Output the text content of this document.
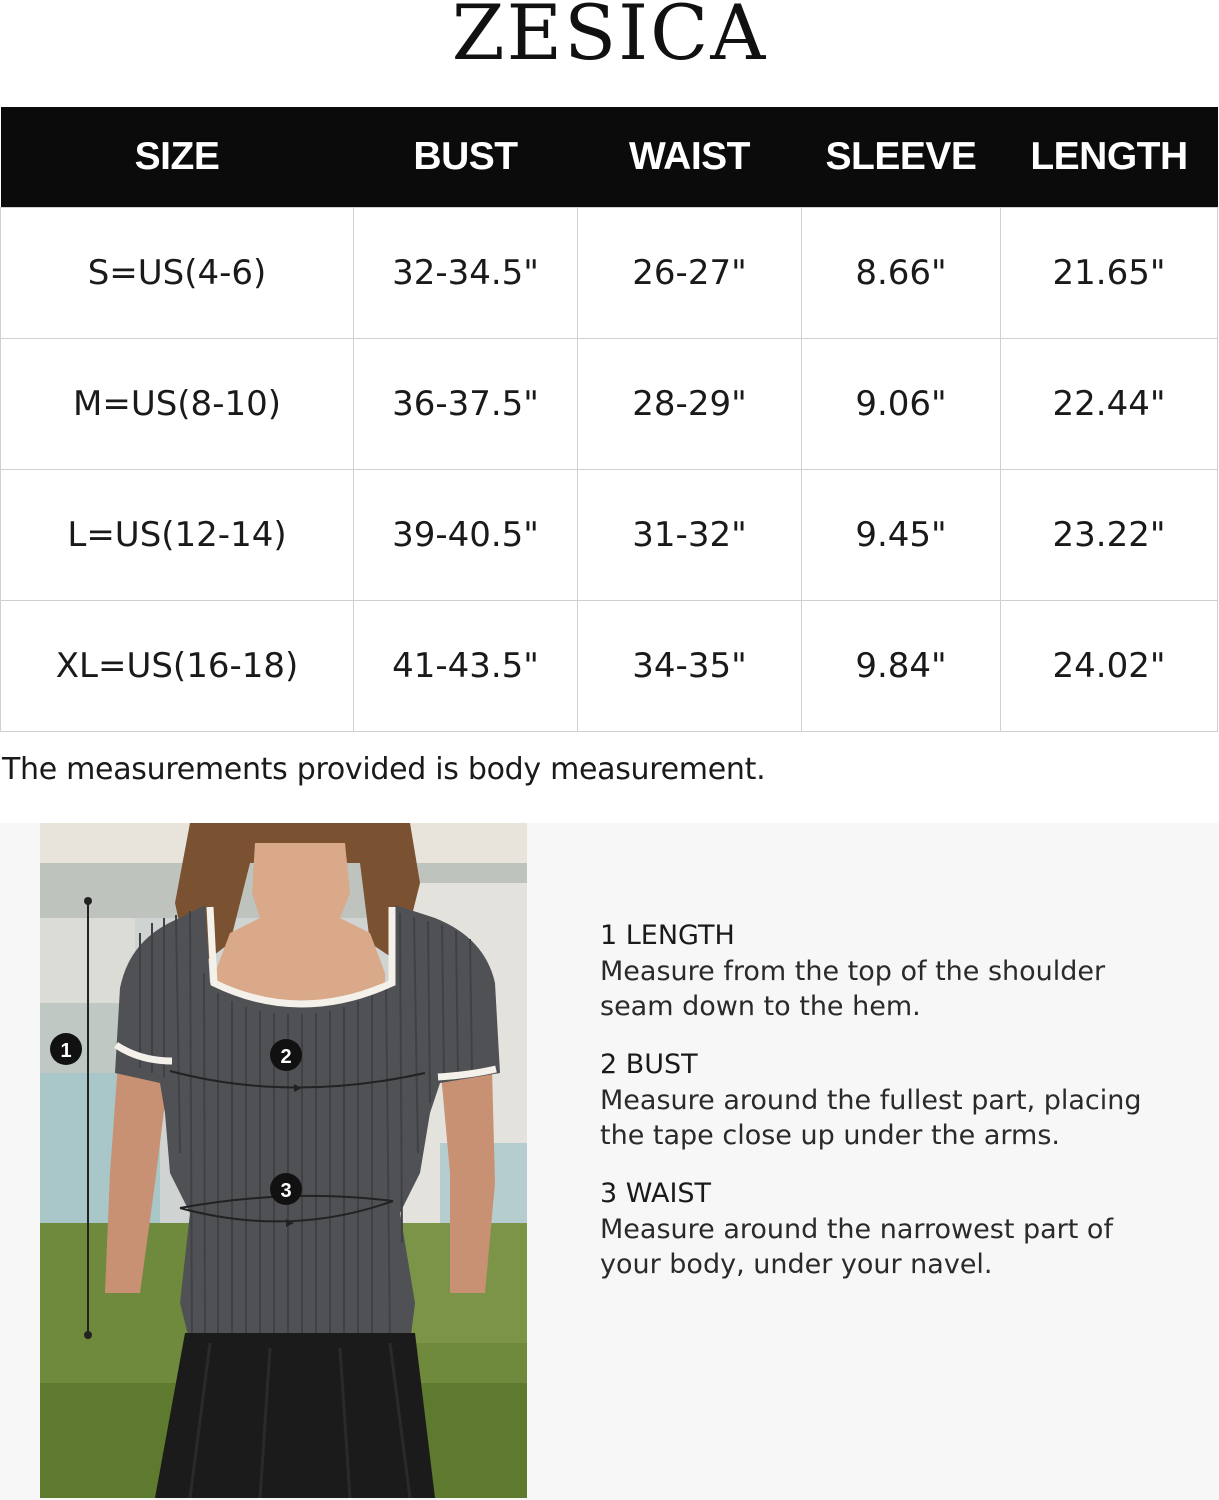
ZESICA
SIZE	BUST	WAIST	SLEEVE	LENGTH
S=US(4-6)	32-34.5"	26-27"	8.66"	21.65"
M=US(8-10)	36-37.5"	28-29"	9.06"	22.44"
L=US(12-14)	39-40.5"	31-32"	9.45"	23.22"
XL=US(16-18)	41-43.5"	34-35"	9.84"	24.02"
The measurements provided is body measurement.
1	2
3
1 LENGTH
Measure from the top of the shoulder
seam down to the hem.
2 BUST
Measure around the fullest part, placing
the tape close up under the arms.
3 WAIST
Measure around the narrowest part of
your body, under your navel.
